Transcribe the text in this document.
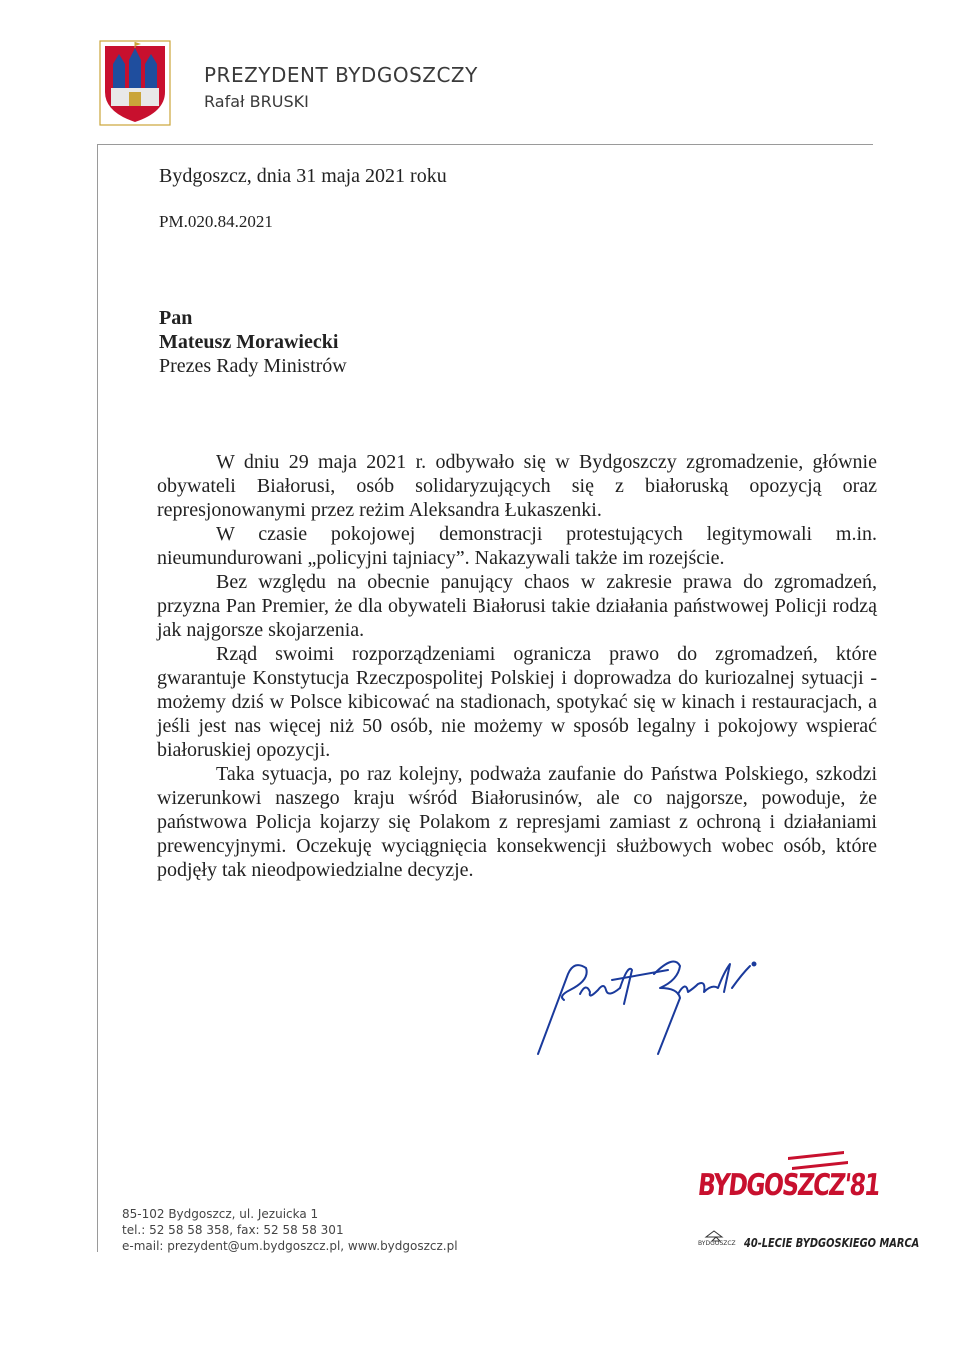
PREZYDENT BYDGOSZCZY
Rafał BRUSKI
Bydgoszcz, dnia 31 maja 2021 roku
PM.020.84.2021
Pan
Mateusz Morawiecki
Prezes Rady Ministrów

W dniu 29 maja 2021 r. odbywało się w Bydgoszczy zgromadzenie, głównie obywateli Białorusi, osób solidaryzujących się z białoruską opozycją oraz represjonowanymi przez reżim Aleksandra Łukaszenki.

W czasie pokojowej demonstracji protestujących legitymowali m.in. nieumundurowani „policyjni tajniacy”. Nakazywali także im rozejście.

Bez względu na obecnie panujący chaos w zakresie prawa do zgromadzeń, przyzna Pan Premier, że dla obywateli Białorusi takie działania państwowej Policji rodzą jak najgorsze skojarzenia.

Rząd swoimi rozporządzeniami ogranicza prawo do zgromadzeń, które gwarantuje Konstytucja Rzeczpospolitej Polskiej i doprowadza do kuriozalnej sytuacji - możemy dziś w Polsce kibicować na stadionach, spotykać się w kinach i restauracjach, a jeśli jest nas więcej niż 50 osób, nie możemy w sposób legalny i pokojowy wspierać białoruskiej opozycji.

Taka sytuacja, po raz kolejny, podważa zaufanie do Państwa Polskiego, szkodzi wizerunkowi naszego kraju wśród Białorusinów, ale co najgorsze, powoduje, że państwowa Policja kojarzy się Polakom z represjami zamiast z ochroną i działaniami prewencyjnymi. Oczekuję wyciągnięcia konsekwencji służbowych wobec osób, które podjęły tak nieodpowiedzialne decyzje.

85-102 Bydgoszcz, ul. Jezuicka 1
tel.: 52 58 58 358, fax: 52 58 58 301
e-mail: prezydent@um.bydgoszcz.pl, www.bydgoszcz.pl
BYDGOSZCZ'81
BYDGOSZCZ 40-LECIE BYDGOSKIEGO MARCA
